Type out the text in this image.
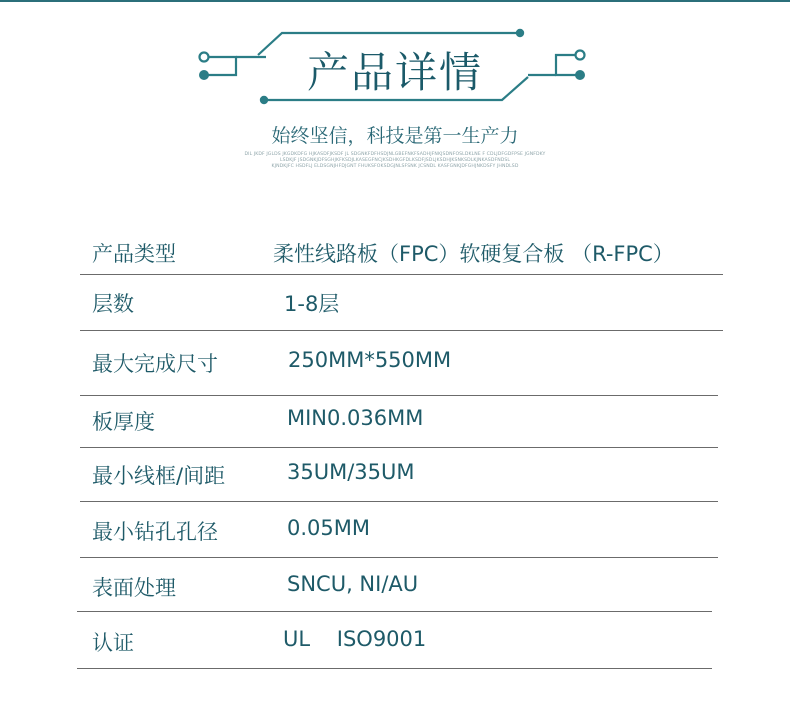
产品详情
始终坚信，科技是第一生产力
DIL JKDF JGLDS JKGDKDFG HJKASDFJKSDF JL SDGNKFDFHSDJNLGBEFNKFSADHJFNKJSDNFOSLDKLNE F CDLJDFGDFPSE JGNFDKY
LSDKJF JSDGNKJDFSGHJKFKSDJLKASEGFNCJKSDHKGFDLKSDFJSDLJKSDHJKSNKSDLKJNKASDFNDSL
KJNDKJFC HSDFLJ ELDSGNJHFDJGNT FHUKSFOKSDGJNLSFSNK JCSNDL KASFGNKJDFGHJNKDSFY JHNDLSD
产品类型	柔性线路板（FPC）软硬复合板 （R-FPC）
层数	1-8层
最大完成尺寸	250MM*550MM
板厚度	MIN0.036MM
最小线框/间距	35UM/35UM
最小钻孔孔径	0.05MM
表面处理	SNCU, NI/AU
认证	UL    ISO9001
